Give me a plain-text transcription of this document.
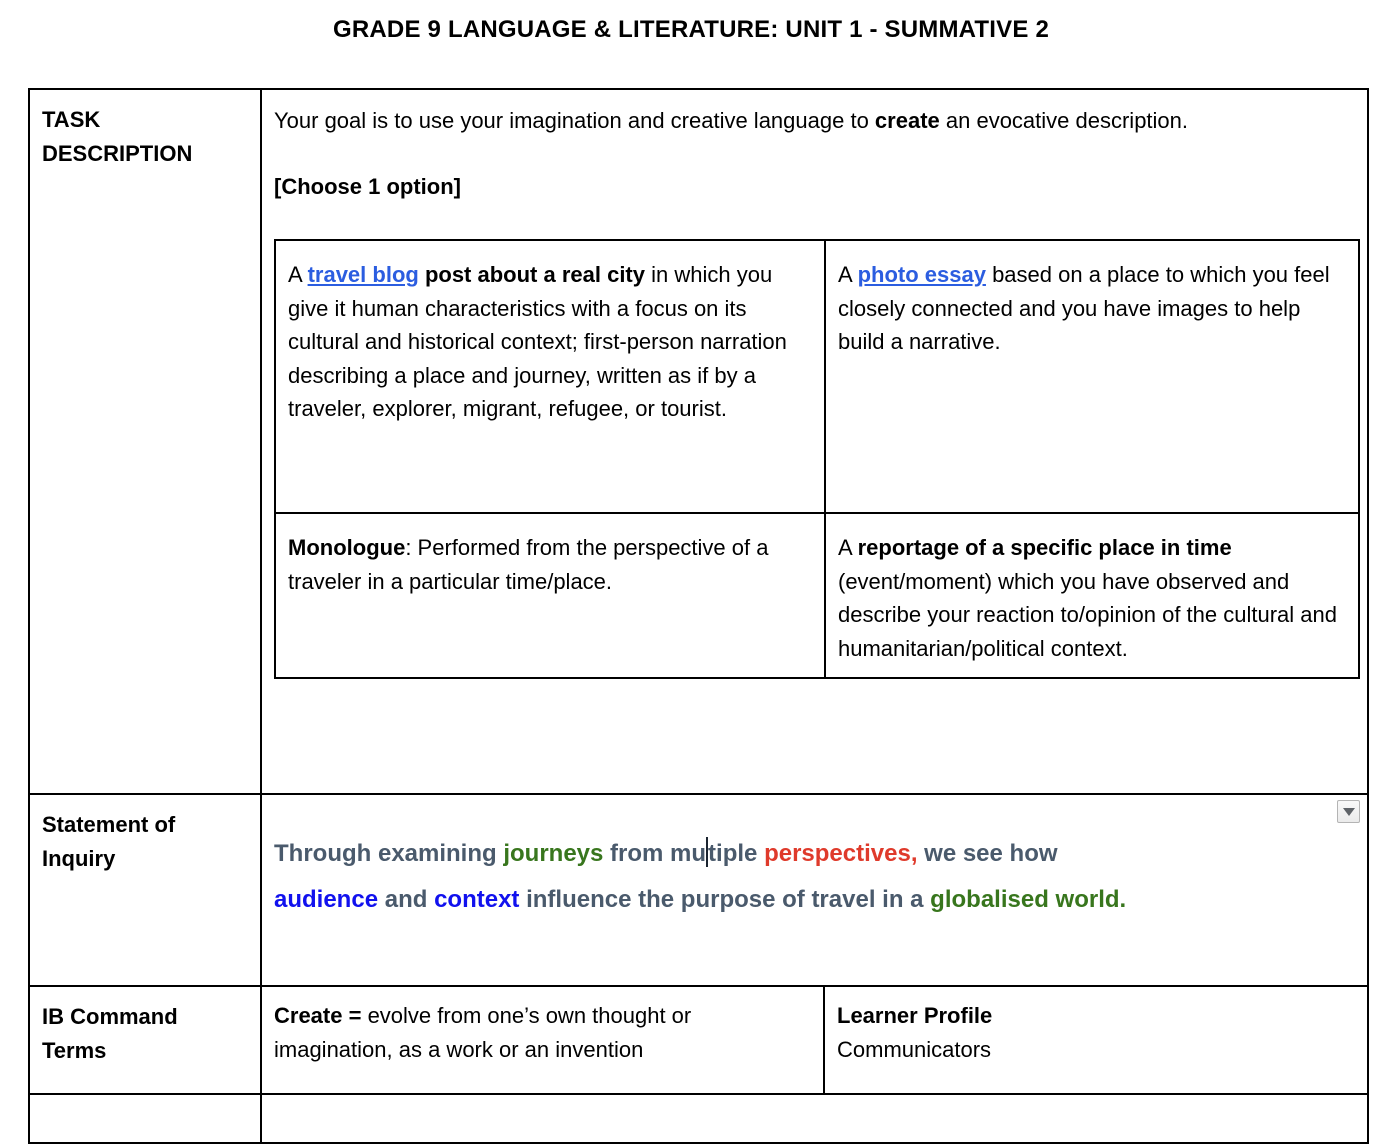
GRADE 9 LANGUAGE & LITERATURE: UNIT 1 - SUMMATIVE 2
TASK DESCRIPTION

Your goal is to use your imagination and creative language to create an evocative description.

[Choose 1 option]

A travel blog post about a real city in which you give it human characteristics with a focus on its cultural and historical context; first-person narration describing a place and journey, written as if by a traveler, explorer, migrant, refugee, or tourist.
A photo essay based on a place to which you feel closely connected and you have images to help build a narrative.
Monologue: Performed from the perspective of a traveler in a particular time/place.
A reportage of a specific place in time (event/moment) which you have observed and describe your reaction to/opinion of the cultural and humanitarian/political context.
Statement of Inquiry	Through examining journeys from mutiple perspectives, we see how
audience and context influence the purpose of travel in a globalised world.
IB Command Terms
Create = evolve from one’s own thought or imagination, as a work or an invention
Learner Profile
Communicators
